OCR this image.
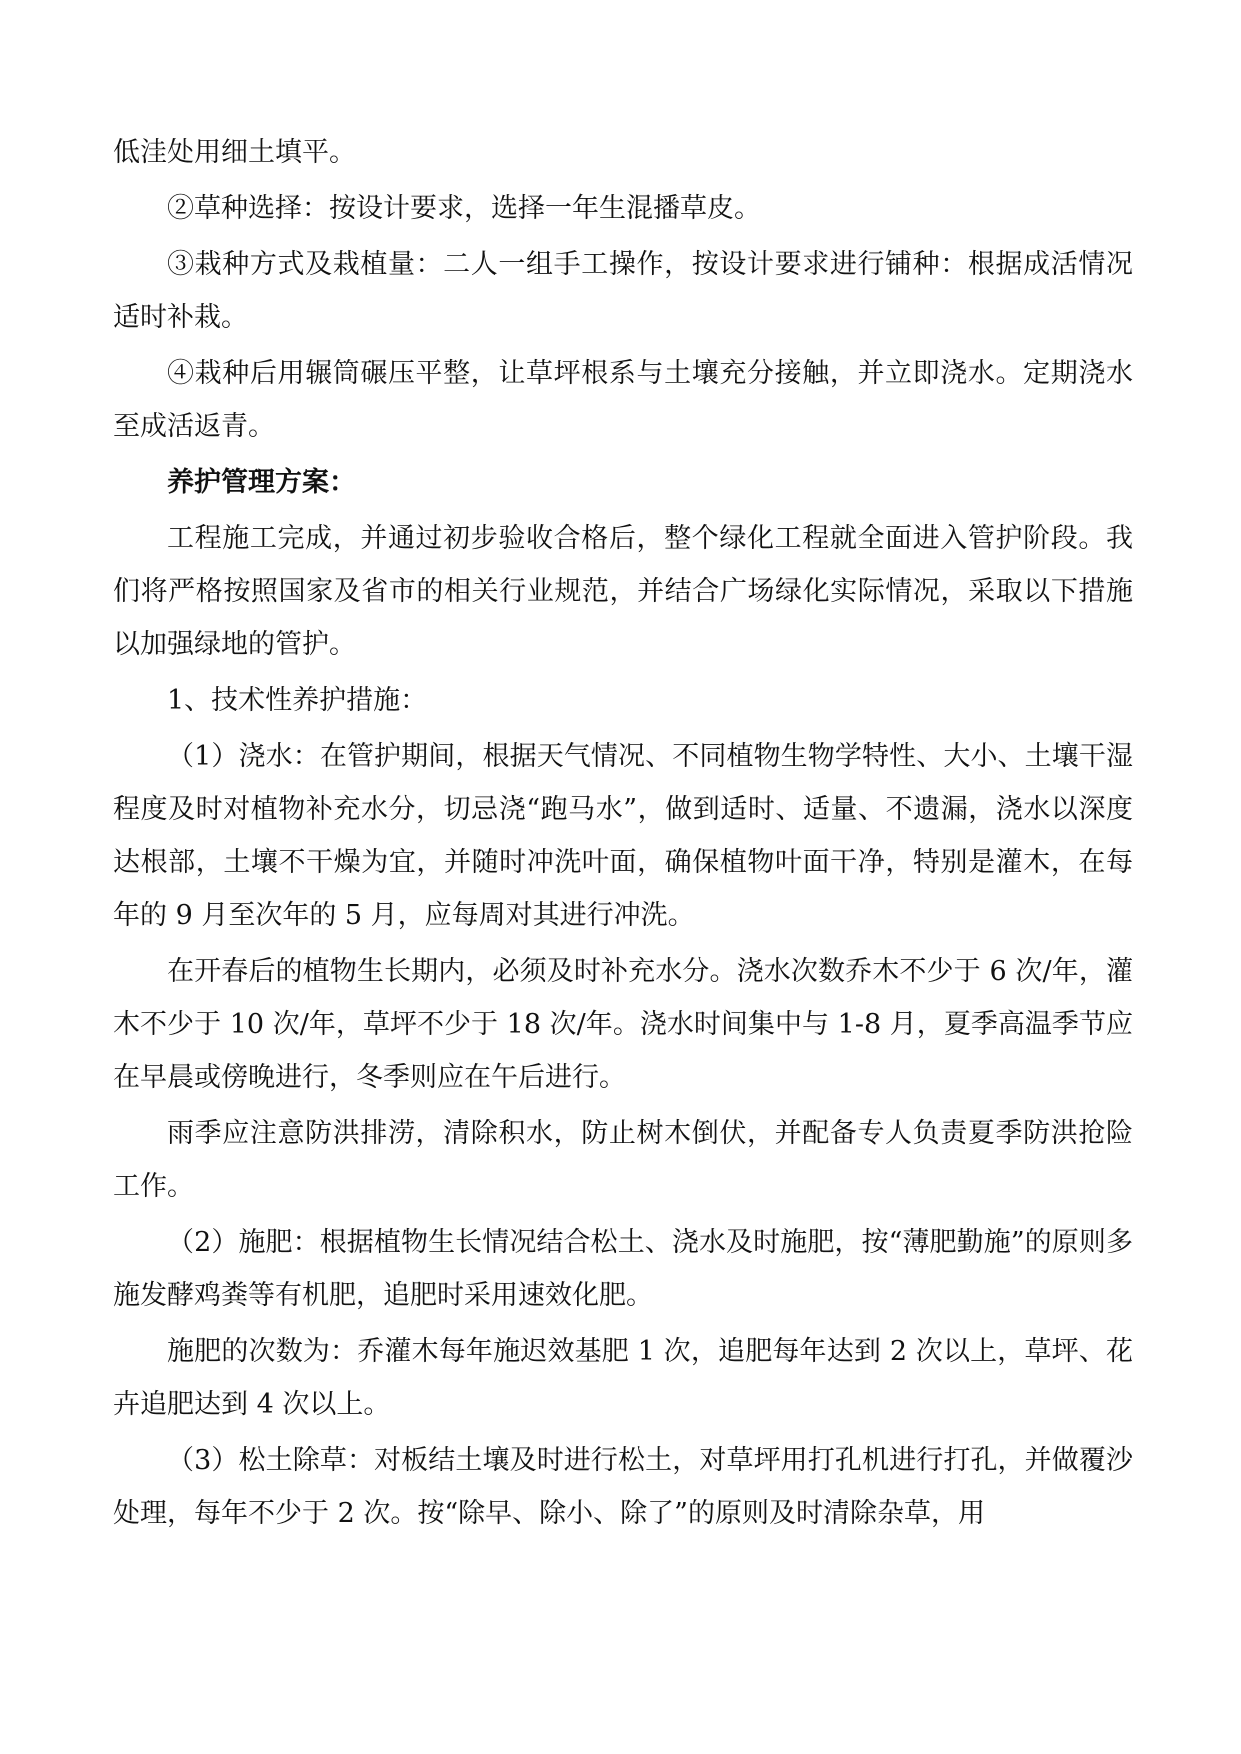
低洼处用细土填平。

②草种选择：按设计要求，选择一年生混播草皮。

③栽种方式及栽植量：二人一组手工操作，按设计要求进行铺种：根据成活情况适时补栽。

④栽种后用辗筒碾压平整，让草坪根系与土壤充分接触，并立即浇水。定期浇水至成活返青。

养护管理方案：

工程施工完成，并通过初步验收合格后，整个绿化工程就全面进入管护阶段。我们将严格按照国家及省市的相关行业规范，并结合广场绿化实际情况，采取以下措施以加强绿地的管护。

1、技术性养护措施：

（1）浇水：在管护期间，根据天气情况、不同植物生物学特性、大小、土壤干湿程度及时对植物补充水分，切忌浇“跑马水”，做到适时、适量、不遗漏，浇水以深度达根部，土壤不干燥为宜，并随时冲洗叶面，确保植物叶面干净，特别是灌木，在每年的 9 月至次年的 5 月，应每周对其进行冲洗。

在开春后的植物生长期内，必须及时补充水分。浇水次数乔木不少于 6 次/年，灌木不少于 10 次/年，草坪不少于 18 次/年。浇水时间集中与 1-8 月，夏季高温季节应在早晨或傍晚进行，冬季则应在午后进行。

雨季应注意防洪排涝，清除积水，防止树木倒伏，并配备专人负责夏季防洪抢险工作。

（2）施肥：根据植物生长情况结合松土、浇水及时施肥，按“薄肥勤施”的原则多施发酵鸡粪等有机肥，追肥时采用速效化肥。

施肥的次数为：乔灌木每年施迟效基肥 1 次，追肥每年达到 2 次以上，草坪、花卉追肥达到 4 次以上。

（3）松土除草：对板结土壤及时进行松土，对草坪用打孔机进行打孔，并做覆沙处理，每年不少于 2 次。按“除早、除小、除了”的原则及时清除杂草，用
